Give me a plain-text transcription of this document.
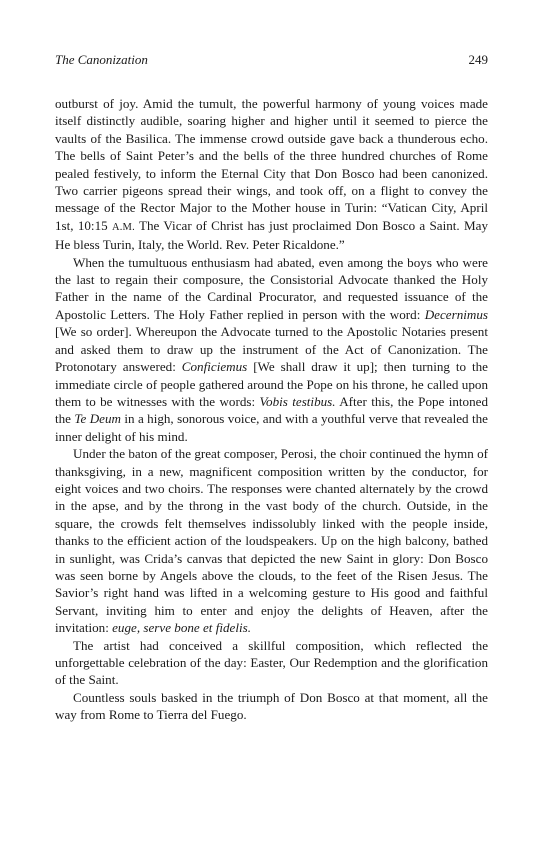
The Canonization	249

outburst of joy. Amid the tumult, the powerful harmony of young voices made itself distinctly audible, soaring higher and higher until it seemed to pierce the vaults of the Basilica. The immense crowd outside gave back a thunderous echo. The bells of Saint Peter’s and the bells of the three hundred churches of Rome pealed festively, to inform the Eternal City that Don Bosco had been canonized. Two carrier pigeons spread their wings, and took off, on a flight to convey the message of the Rector Major to the Mother house in Turin: “Vatican City, April 1st, 10:15 A.M. The Vicar of Christ has just proclaimed Don Bosco a Saint. May He bless Turin, Italy, the World. Rev. Peter Ricaldone.”

When the tumultuous enthusiasm had abated, even among the boys who were the last to regain their composure, the Consistorial Advocate thanked the Holy Father in the name of the Cardinal Procurator, and requested issuance of the Apostolic Letters. The Holy Father replied in person with the word: Decernimus [We so order]. Whereupon the Advocate turned to the Apostolic Notaries present and asked them to draw up the instrument of the Act of Canonization. The Protonotary answered: Conficiemus [We shall draw it up]; then turning to the immediate circle of people gathered around the Pope on his throne, he called upon them to be witnesses with the words: Vobis testibus. After this, the Pope intoned the Te Deum in a high, sonorous voice, and with a youthful verve that revealed the inner delight of his mind.

Under the baton of the great composer, Perosi, the choir continued the hymn of thanksgiving, in a new, magnificent composition written by the conductor, for eight voices and two choirs. The responses were chanted alternately by the crowd in the apse, and by the throng in the vast body of the church. Outside, in the square, the crowds felt themselves indissolubly linked with the people inside, thanks to the efficient action of the loudspeakers. Up on the high balcony, bathed in sunlight, was Crida’s canvas that depicted the new Saint in glory: Don Bosco was seen borne by Angels above the clouds, to the feet of the Risen Jesus. The Savior’s right hand was lifted in a welcoming gesture to His good and faithful Servant, inviting him to enter and enjoy the delights of Heaven, after the invitation: euge, serve bone et fidelis.

The artist had conceived a skillful composition, which reflected the unforgettable celebration of the day: Easter, Our Redemption and the glorification of the Saint.

Countless souls basked in the triumph of Don Bosco at that moment, all the way from Rome to Tierra del Fuego.
